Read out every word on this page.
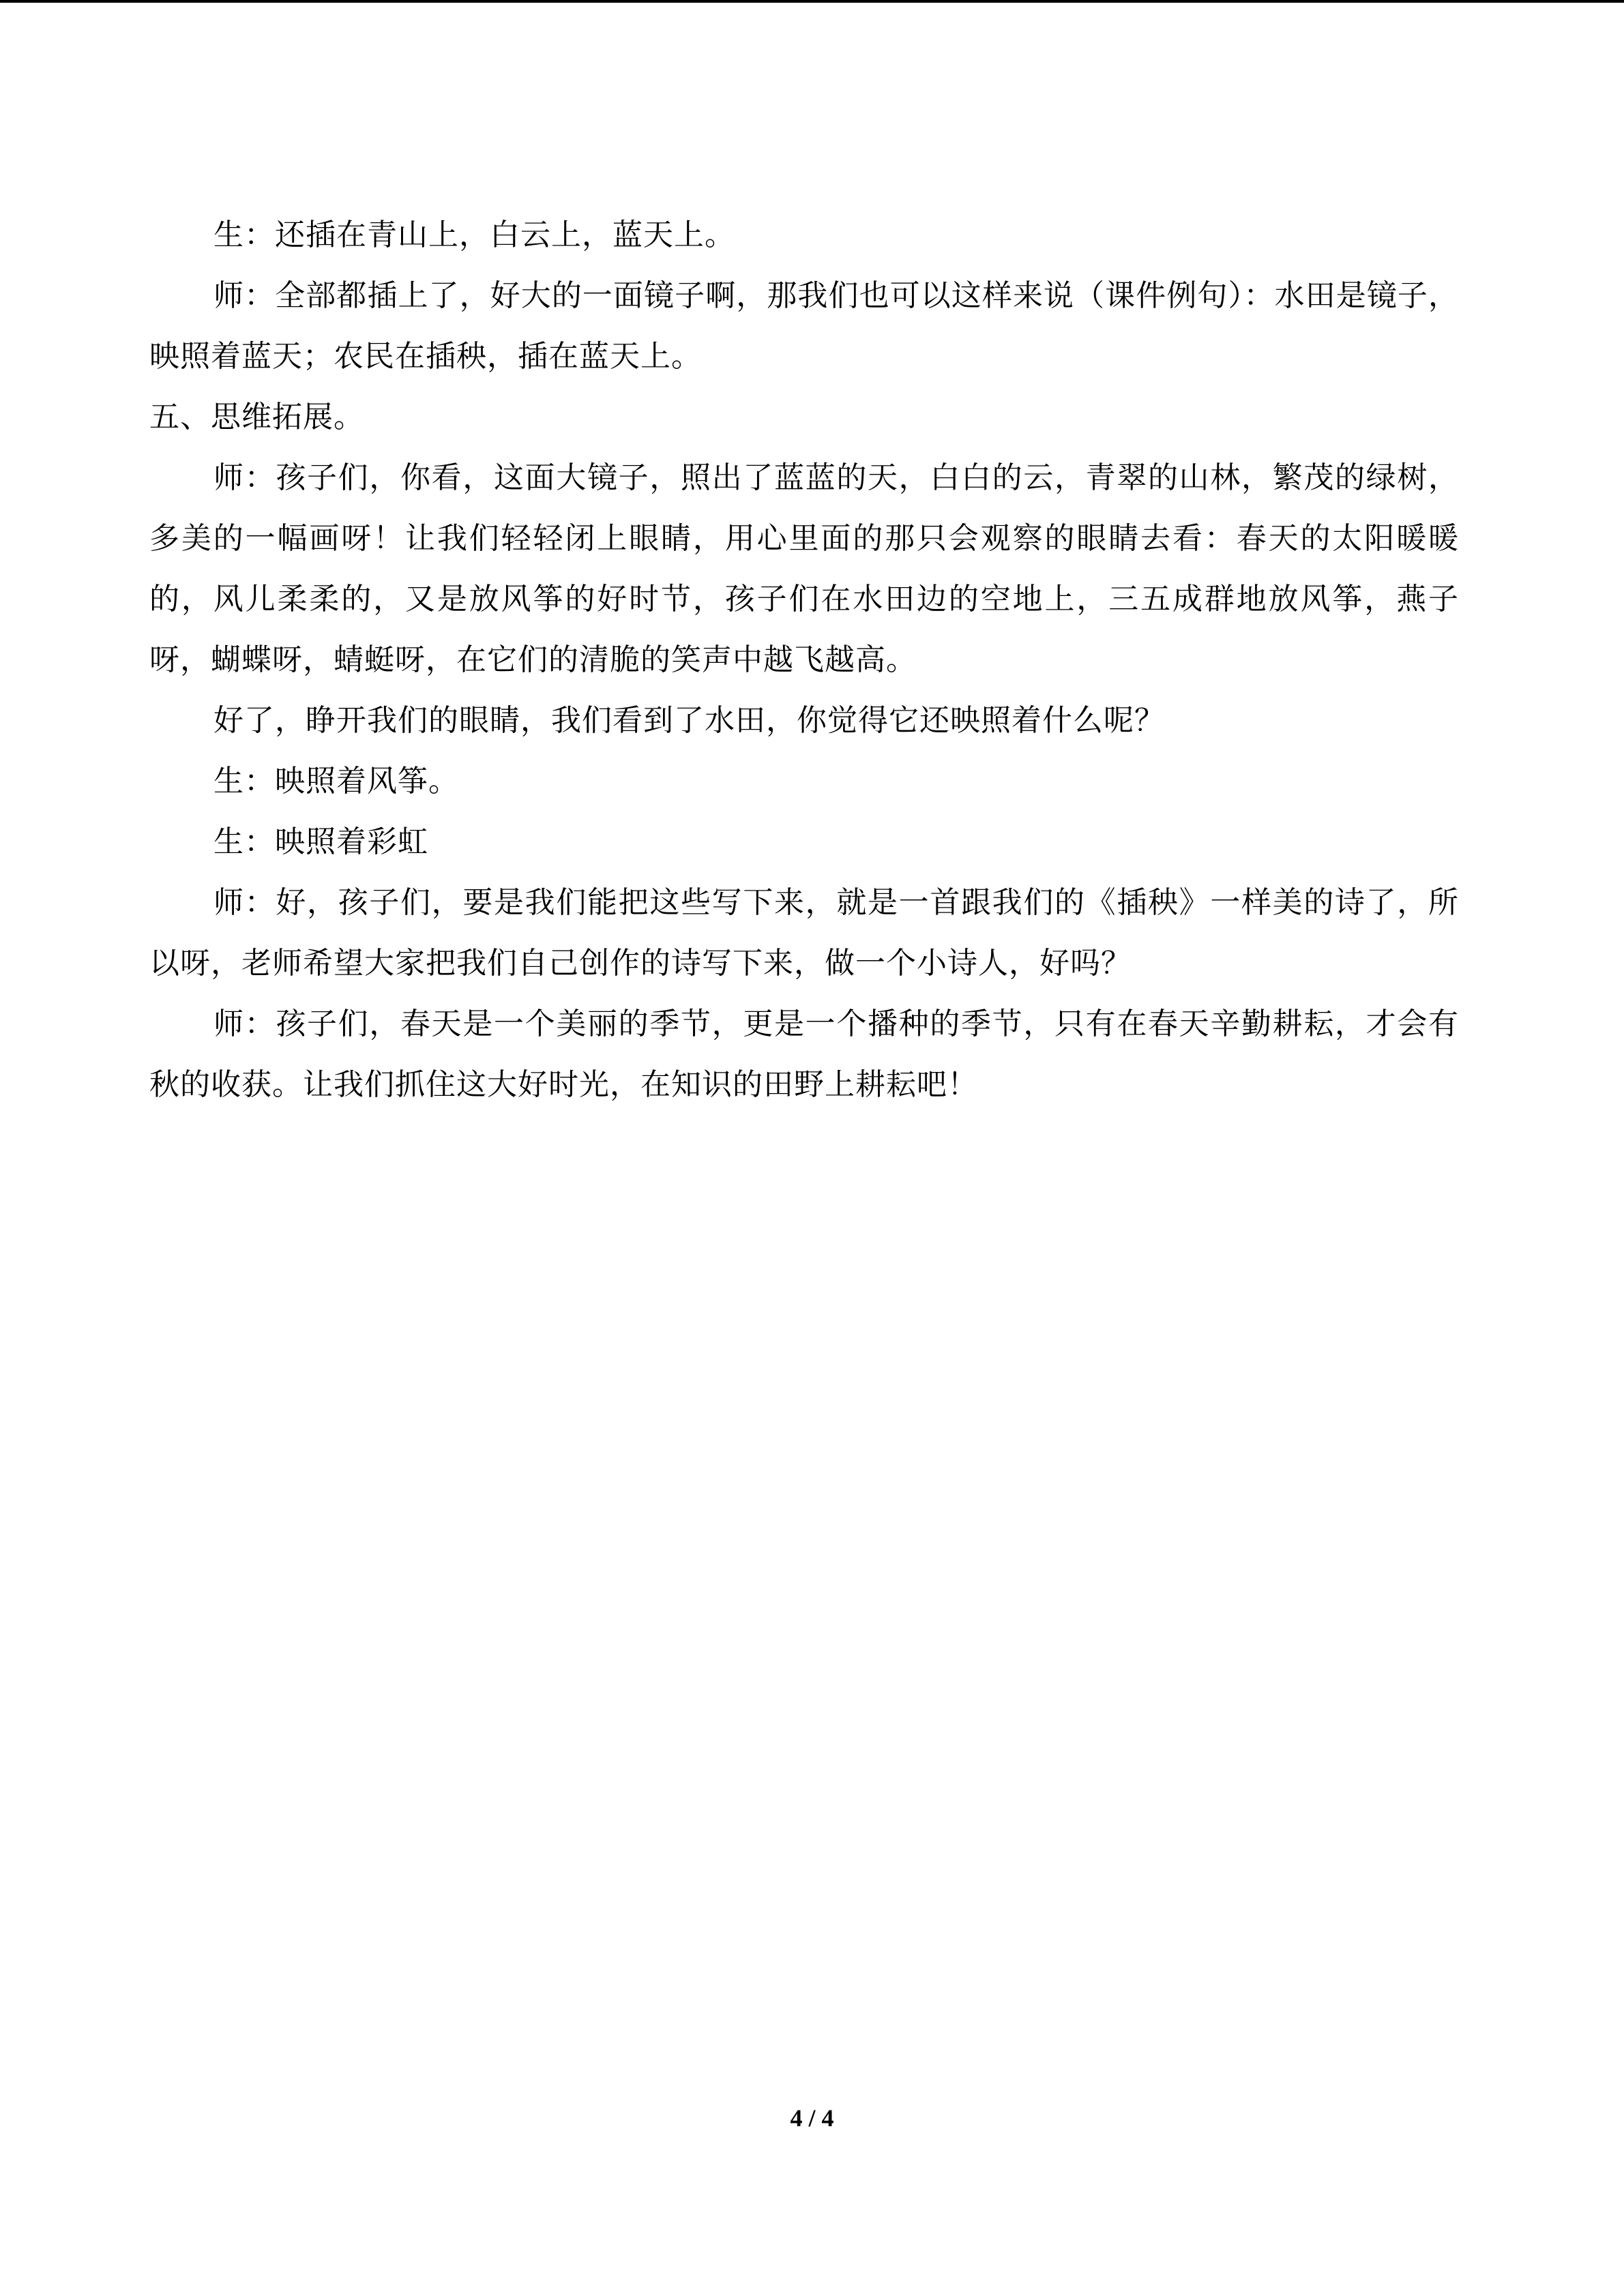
生：还插在青山上，白云上，蓝天上。

师：全部都插上了，好大的一面镜子啊，那我们也可以这样来说（课件例句）：水田是镜子，映照着蓝天；农民在插秧，插在蓝天上。

五、思维拓展。

师：孩子们，你看，这面大镜子，照出了蓝蓝的天，白白的云，青翠的山林，繁茂的绿树，多美的一幅画呀！让我们轻轻闭上眼睛，用心里面的那只会观察的眼睛去看：春天的太阳暖暖的，风儿柔柔的，又是放风筝的好时节，孩子们在水田边的空地上，三五成群地放风筝，燕子呀，蝴蝶呀，蜻蜓呀，在它们的清脆的笑声中越飞越高。

好了，睁开我们的眼睛，我们看到了水田，你觉得它还映照着什么呢？

生：映照着风筝。

生：映照着彩虹

师：好，孩子们，要是我们能把这些写下来，就是一首跟我们的《插秧》一样美的诗了，所以呀，老师希望大家把我们自己创作的诗写下来，做一个小诗人，好吗？

师：孩子们，春天是一个美丽的季节，更是一个播种的季节，只有在春天辛勤耕耘，才会有秋的收获。让我们抓住这大好时光，在知识的田野上耕耘吧！

4 / 4
